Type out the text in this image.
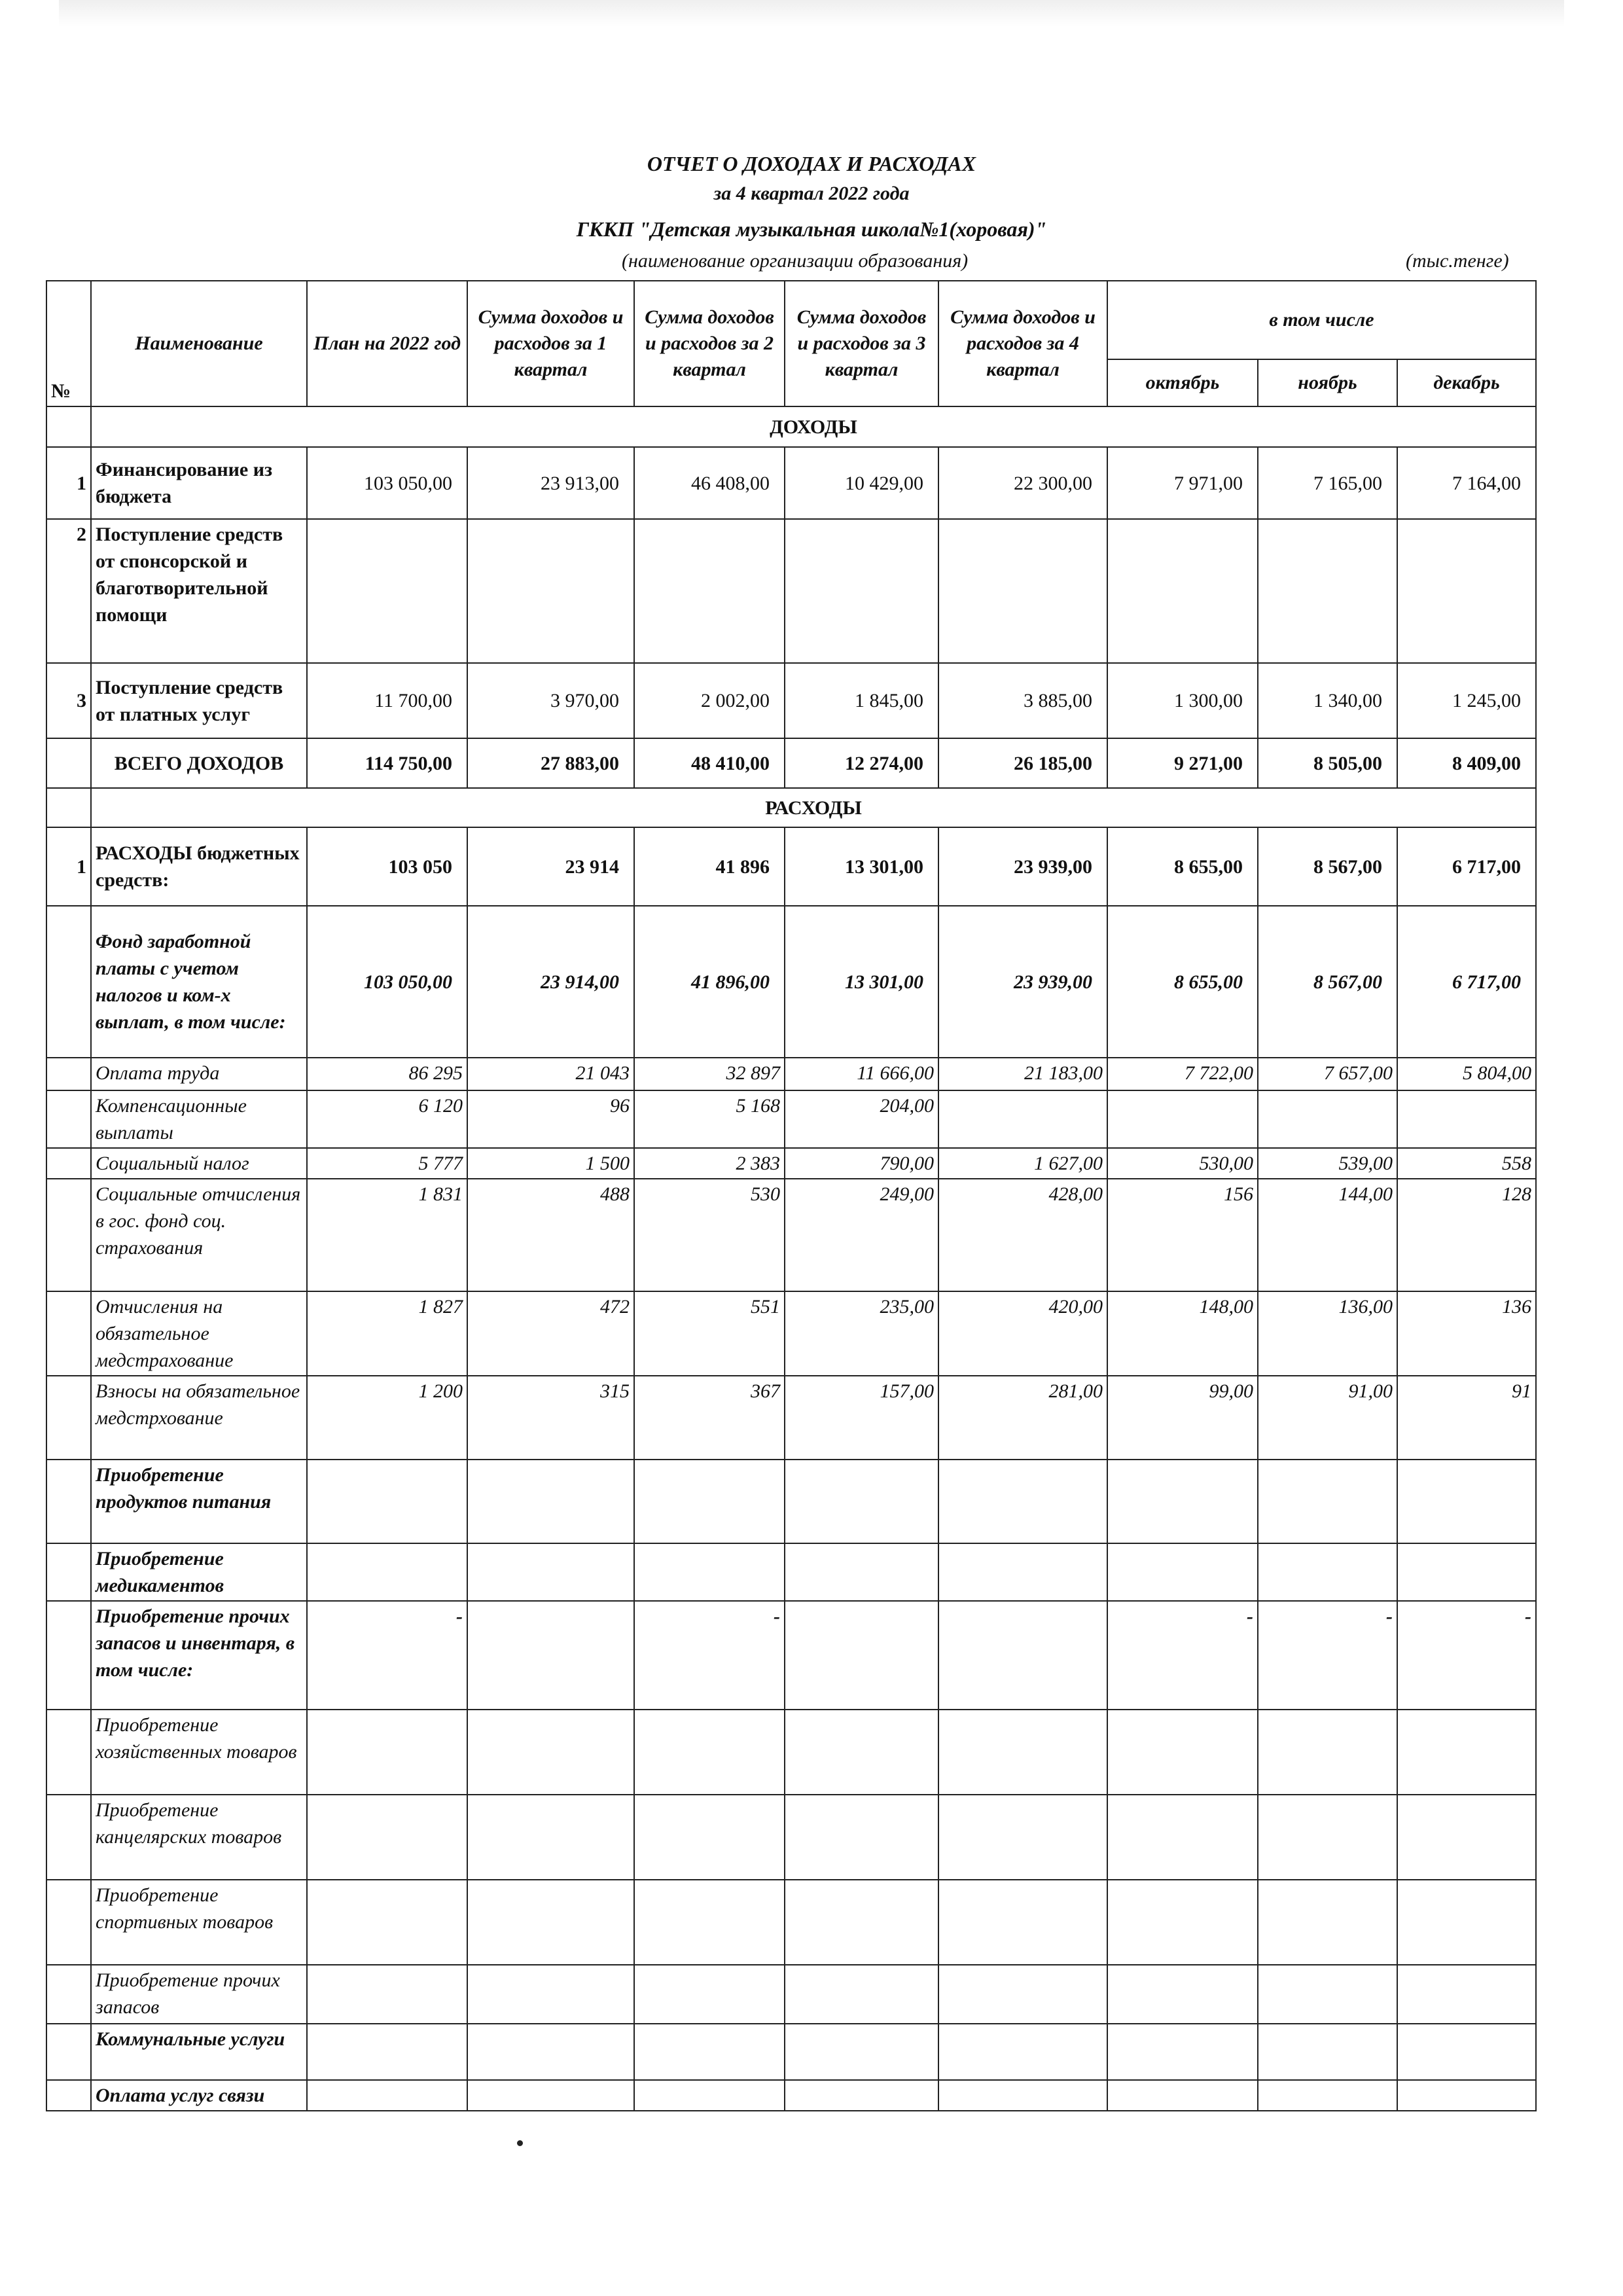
ОТЧЕТ О ДОХОДАХ И РАСХОДАХ
за 4 квартал 2022 года
ГККП "Детская музыкальная школа№1(хоровая)"
(наименование организации образования)	(тыс.тенге)
№	Наименование	План на 2022 год	Сумма доходов и расходов за 1 квартал	Сумма доходов и расходов за 2 квартал	Сумма доходов и расходов за 3 квартал	Сумма доходов и расходов за 4 квартал	в том числе		
							октябрь	ноябрь	декабрь
	ДОХОДЫ								
1	Финансирование из бюджета	103 050,00	23 913,00	46 408,00	10 429,00	22 300,00	7 971,00	7 165,00	7 164,00
2	Поступление средств от спонсорской и благотворительной помощи								
3	Поступление средств от платных услуг	11 700,00	3 970,00	2 002,00	1 845,00	3 885,00	1 300,00	1 340,00	1 245,00
	ВСЕГО ДОХОДОВ	114 750,00	27 883,00	48 410,00	12 274,00	26 185,00	9 271,00	8 505,00	8 409,00
	РАСХОДЫ								
1	РАСХОДЫ бюджетных средств:	103 050	23 914	41 896	13 301,00	23 939,00	8 655,00	8 567,00	6 717,00
	Фонд заработной платы с учетом налогов и ком-х выплат, в том числе:	103 050,00	23 914,00	41 896,00	13 301,00	23 939,00	8 655,00	8 567,00	6 717,00
	Оплата труда	86 295	21 043	32 897	11 666,00	21 183,00	7 722,00	7 657,00	5 804,00
	Компенсационные выплаты	6 120	96	5 168	204,00				
	Социальный налог	5 777	1 500	2 383	790,00	1 627,00	530,00	539,00	558
	Социальные отчисления в гос. фонд соц. страхования	1 831	488	530	249,00	428,00	156	144,00	128
	Отчисления на обязательное медстрахование	1 827	472	551	235,00	420,00	148,00	136,00	136
	Взносы на обязательное медстрхование	1 200	315	367	157,00	281,00	99,00	91,00	91
	Приобретение продуктов питания								
	Приобретение медикаментов								
	Приобретение прочих запасов и инвентаря, в том числе:	-		-			-	-	-
	Приобретение хозяйственных товаров								
	Приобретение канцелярских товаров								
	Приобретение спортивных товаров								
	Приобретение прочих запасов								
	Коммунальные услуги								
	Оплата услуг связи								
